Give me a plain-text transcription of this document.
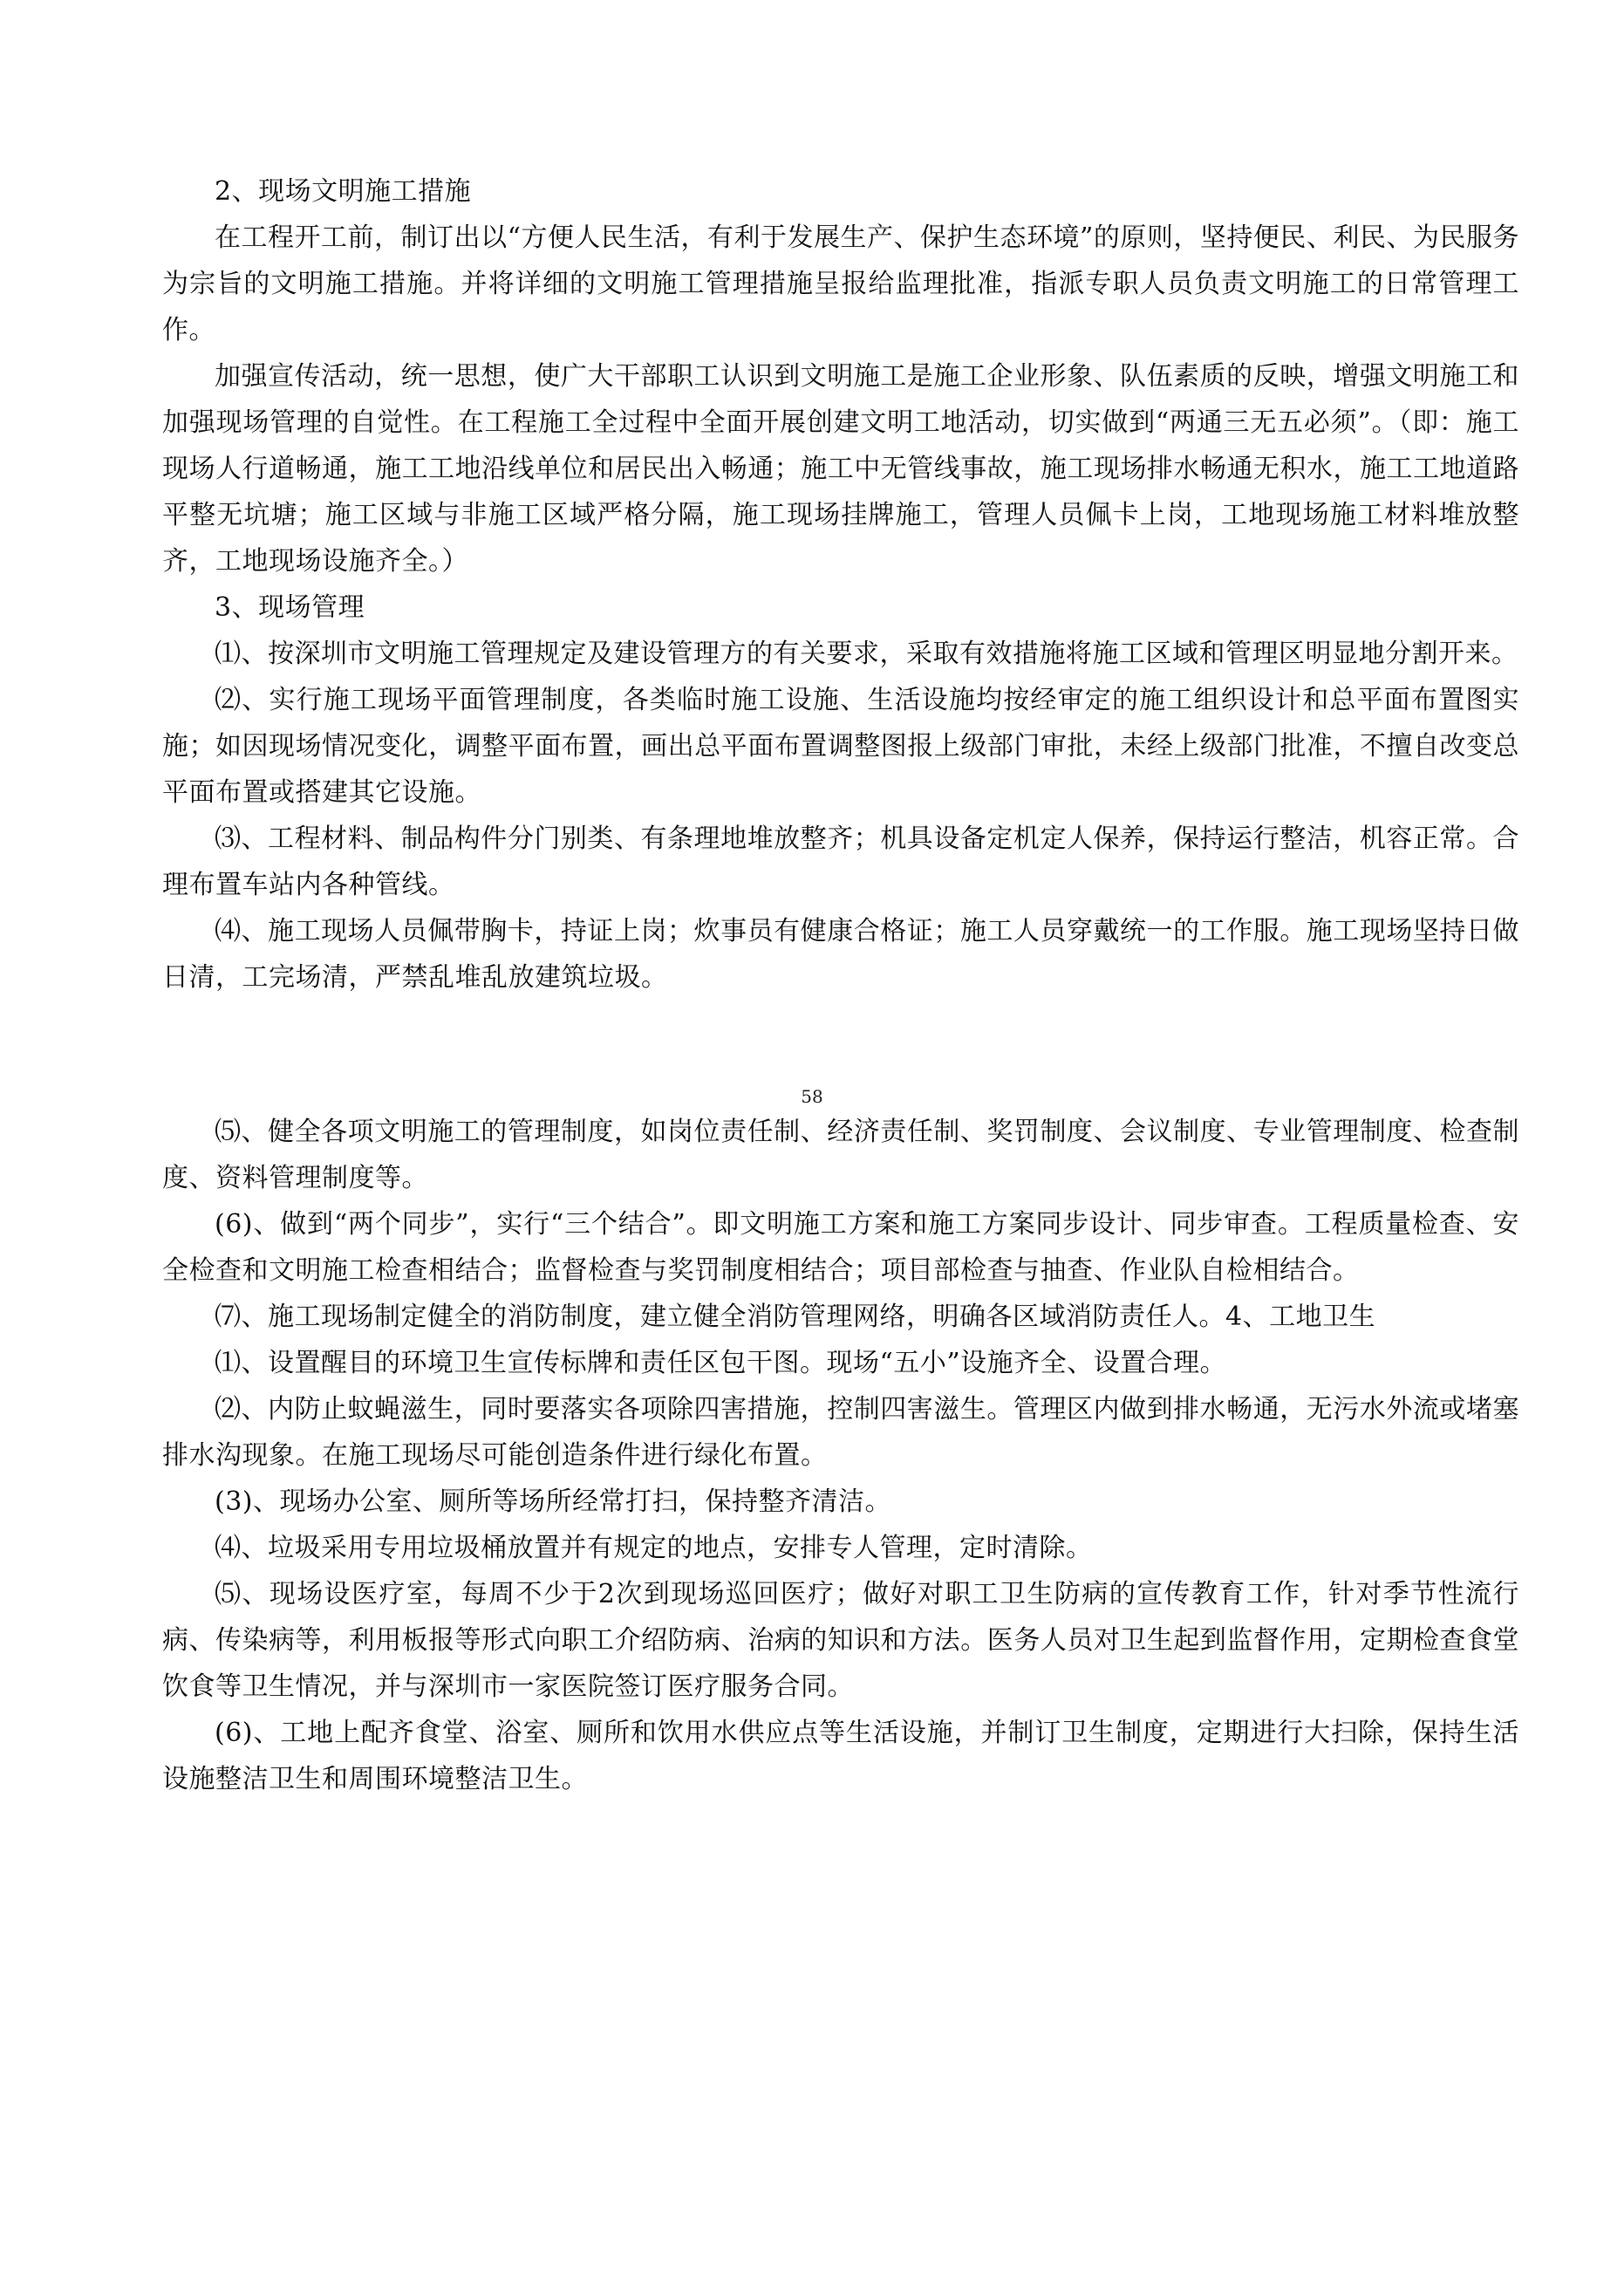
2、现场文明施工措施

在工程开工前，制订出以“方便人民生活，有利于发展生产、保护生态环境”的原则，坚持便民、利民、为民服务为宗旨的文明施工措施。并将详细的文明施工管理措施呈报给监理批准，指派专职人员负责文明施工的日常管理工作。

加强宣传活动，统一思想，使广大干部职工认识到文明施工是施工企业形象、队伍素质的反映，增强文明施工和加强现场管理的自觉性。在工程施工全过程中全面开展创建文明工地活动，切实做到“两通三无五必须”。（即：施工现场人行道畅通，施工工地沿线单位和居民出入畅通；施工中无管线事故，施工现场排水畅通无积水，施工工地道路平整无坑塘；施工区域与非施工区域严格分隔，施工现场挂牌施工，管理人员佩卡上岗，工地现场施工材料堆放整齐，工地现场设施齐全。）

3、现场管理

⑴、按深圳市文明施工管理规定及建设管理方的有关要求，采取有效措施将施工区域和管理区明显地分割开来。

⑵、实行施工现场平面管理制度，各类临时施工设施、生活设施均按经审定的施工组织设计和总平面布置图实施；如因现场情况变化，调整平面布置，画出总平面布置调整图报上级部门审批，未经上级部门批准，不擅自改变总平面布置或搭建其它设施。

⑶、工程材料、制品构件分门别类、有条理地堆放整齐；机具设备定机定人保养，保持运行整洁，机容正常。合理布置车站内各种管线。

⑷、施工现场人员佩带胸卡，持证上岗；炊事员有健康合格证；施工人员穿戴统一的工作服。施工现场坚持日做日清，工完场清，严禁乱堆乱放建筑垃圾。

58

⑸、健全各项文明施工的管理制度，如岗位责任制、经济责任制、奖罚制度、会议制度、专业管理制度、检查制度、资料管理制度等。

(6)、做到“两个同步”，实行“三个结合”。即文明施工方案和施工方案同步设计、同步审查。工程质量检查、安全检查和文明施工检查相结合；监督检查与奖罚制度相结合；项目部检查与抽查、作业队自检相结合。

⑺、施工现场制定健全的消防制度，建立健全消防管理网络，明确各区域消防责任人。4、工地卫生

⑴、设置醒目的环境卫生宣传标牌和责任区包干图。现场“五小”设施齐全、设置合理。

⑵、内防止蚊蝇滋生，同时要落实各项除四害措施，控制四害滋生。管理区内做到排水畅通，无污水外流或堵塞排水沟现象。在施工现场尽可能创造条件进行绿化布置。

(3)、现场办公室、厕所等场所经常打扫，保持整齐清洁。

⑷、垃圾采用专用垃圾桶放置并有规定的地点，安排专人管理，定时清除。

⑸、现场设医疗室，每周不少于2次到现场巡回医疗；做好对职工卫生防病的宣传教育工作，针对季节性流行病、传染病等，利用板报等形式向职工介绍防病、治病的知识和方法。医务人员对卫生起到监督作用，定期检查食堂饮食等卫生情况，并与深圳市一家医院签订医疗服务合同。

(6)、工地上配齐食堂、浴室、厕所和饮用水供应点等生活设施，并制订卫生制度，定期进行大扫除，保持生活设施整洁卫生和周围环境整洁卫生。
